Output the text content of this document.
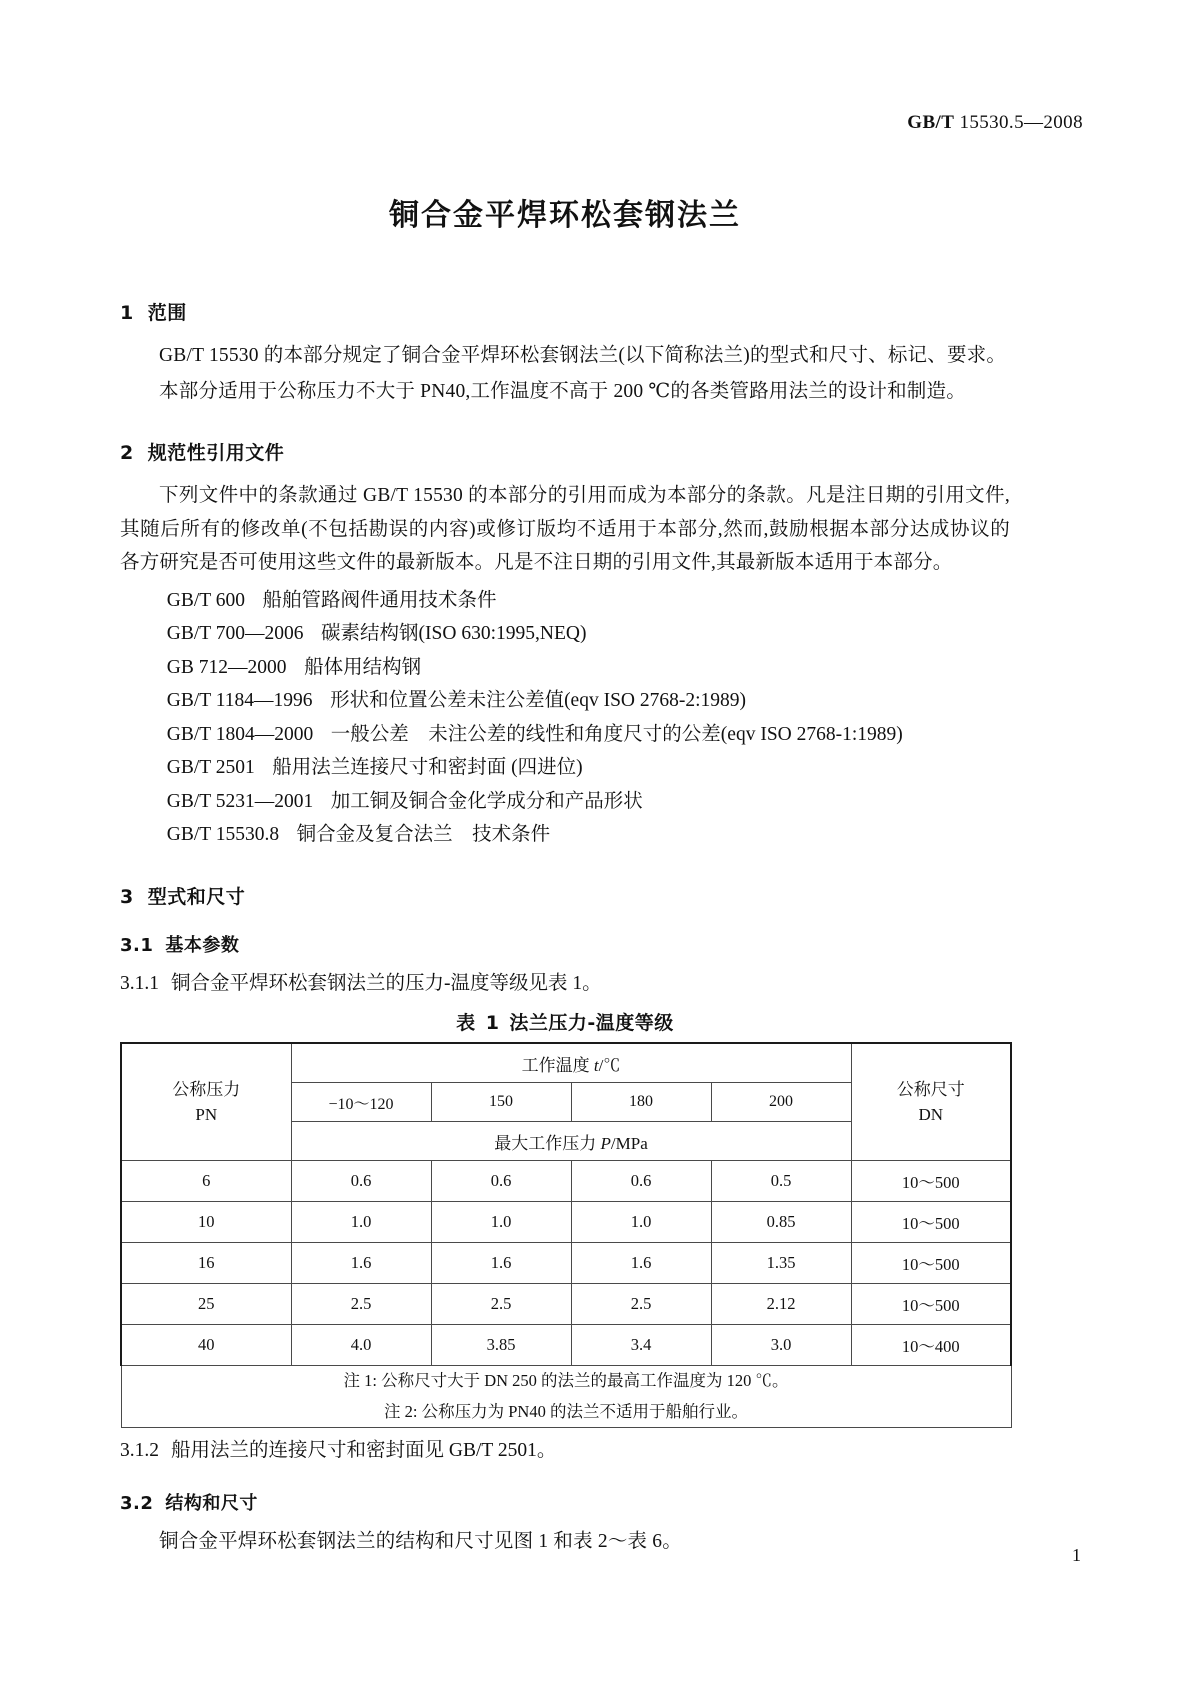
GB/T 15530.5—2008
铜合金平焊环松套钢法兰
1 范围

GB/T 15530 的本部分规定了铜合金平焊环松套钢法兰(以下简称法兰)的型式和尺寸、标记、要求。

本部分适用于公称压力不大于 PN40,工作温度不高于 200 ℃的各类管路用法兰的设计和制造。

2 规范性引用文件

下列文件中的条款通过 GB/T 15530 的本部分的引用而成为本部分的条款。凡是注日期的引用文件,其随后所有的修改单(不包括勘误的内容)或修订版均不适用于本部分,然而,鼓励根据本部分达成协议的各方研究是否可使用这些文件的最新版本。凡是不注日期的引用文件,其最新版本适用于本部分。

GB/T 600 船舶管路阀件通用技术条件
GB/T 700—2006 碳素结构钢(ISO 630:1995,NEQ)
GB 712—2000 船体用结构钢
GB/T 1184—1996 形状和位置公差未注公差值(eqv ISO 2768-2:1989)
GB/T 1804—2000 一般公差　未注公差的线性和角度尺寸的公差(eqv ISO 2768-1:1989)
GB/T 2501 船用法兰连接尺寸和密封面 (四进位)
GB/T 5231—2001 加工铜及铜合金化学成分和产品形状
GB/T 15530.8 铜合金及复合法兰　技术条件
3 型式和尺寸
3.1 基本参数

3.1.1 铜合金平焊环松套钢法兰的压力-温度等级见表 1。

表 1 法兰压力-温度等级
公称压力
PN	工作温度 t/℃				公称尺寸
DN
	−10～120	150	180	200	
	最大工作压力 P/MPa				
6	0.6	0.6	0.6	0.5	10～500
10	1.0	1.0	1.0	0.85	10～500
16	1.6	1.6	1.6	1.35	10～500
25	2.5	2.5	2.5	2.12	10～500
40	4.0	3.85	3.4	3.0	10～400

注 1: 公称尺寸大于 DN 250 的法兰的最高工作温度为 120 ℃。
注 2: 公称压力为 PN40 的法兰不适用于船舶行业。					

3.1.2 船用法兰的连接尺寸和密封面见 GB/T 2501。

3.2 结构和尺寸

铜合金平焊环松套钢法兰的结构和尺寸见图 1 和表 2～表 6。

1
